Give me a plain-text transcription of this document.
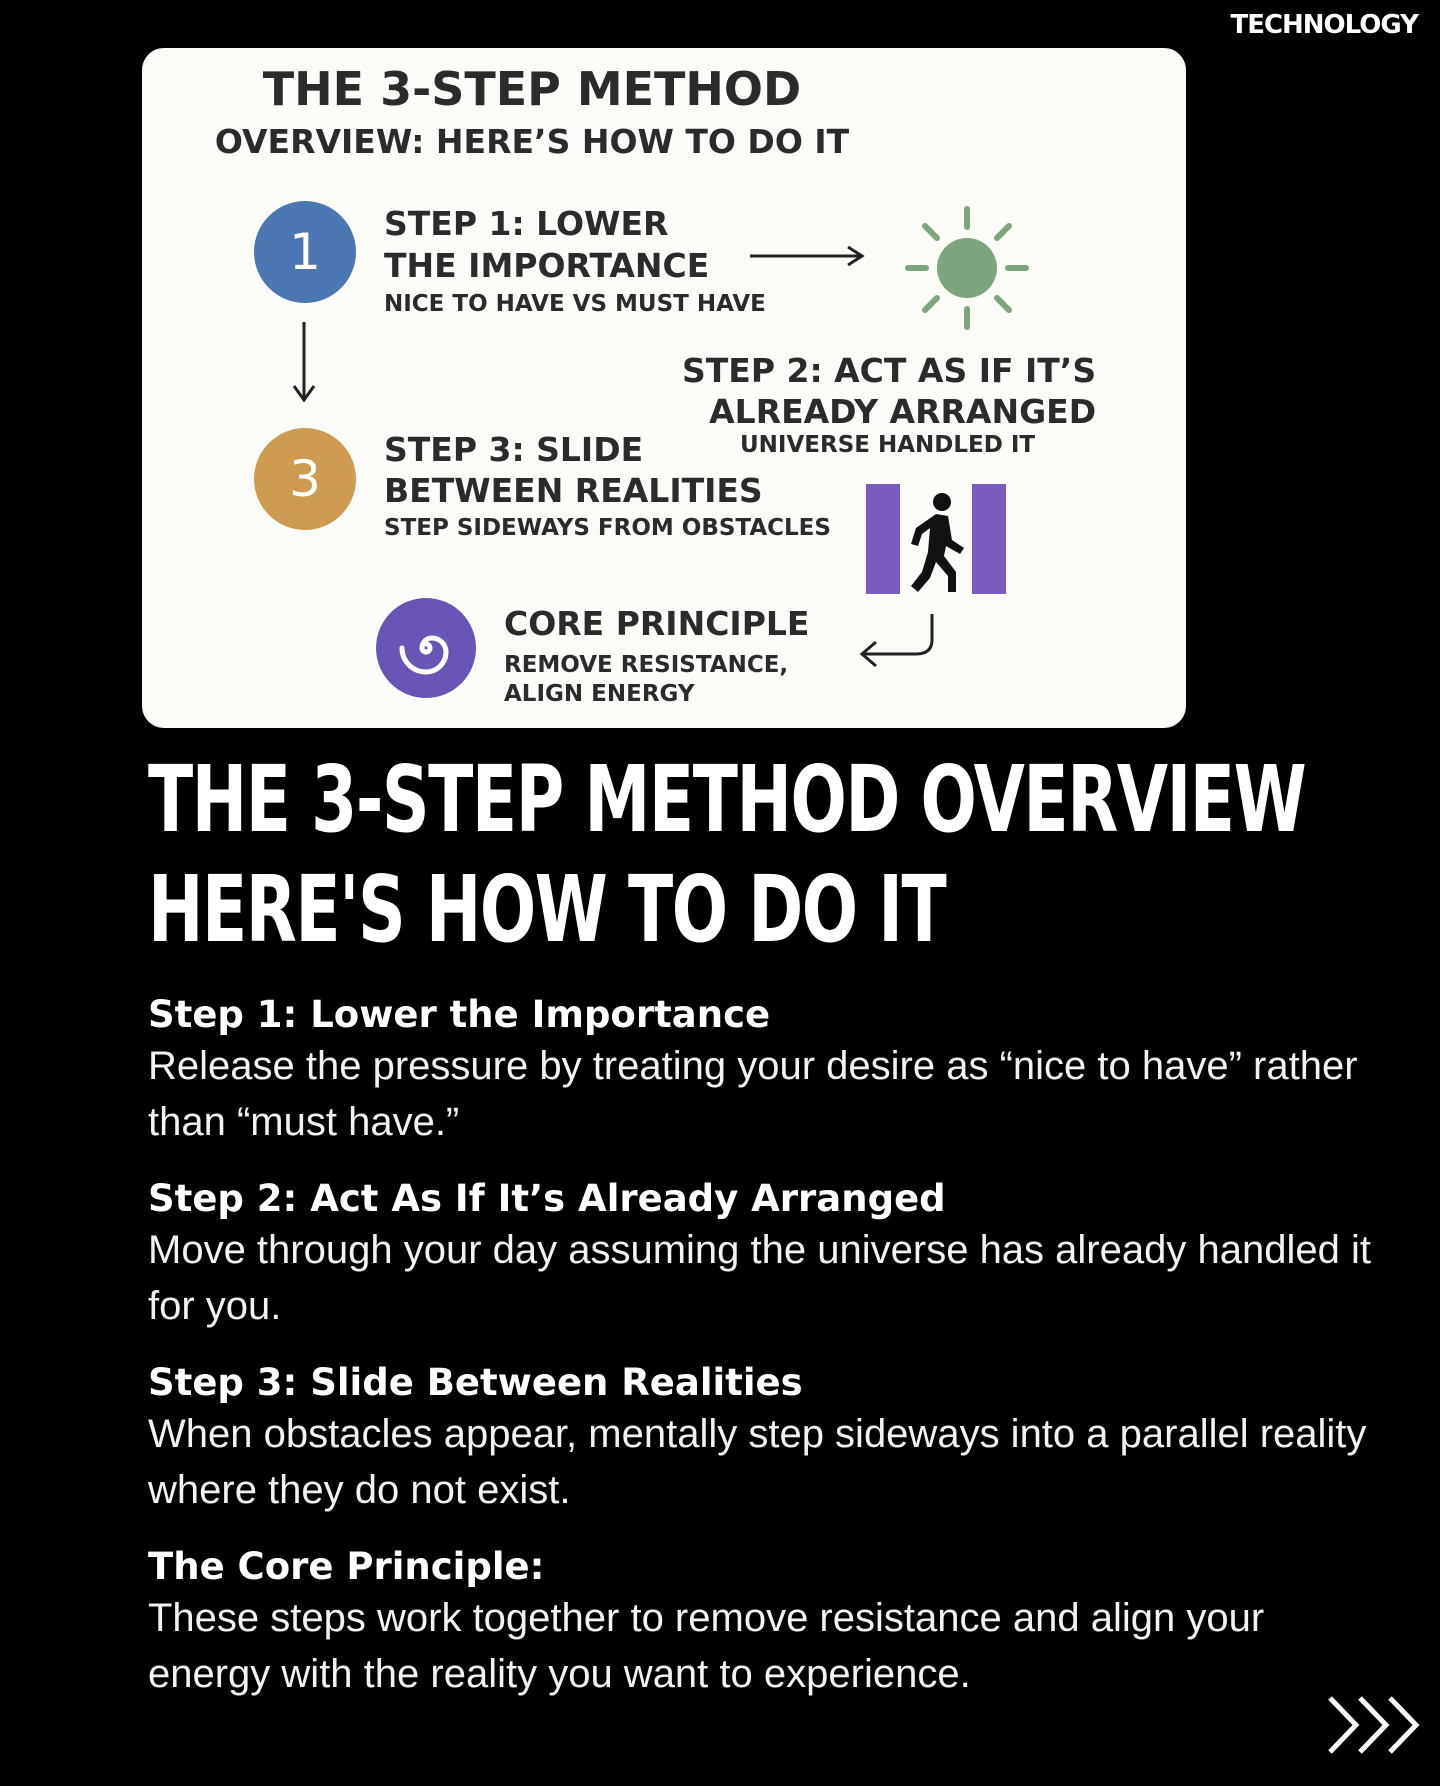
TECHNOLOGY
THE 3-STEP METHOD
OVERVIEW: HERE’S HOW TO DO IT
1	STEP 1: LOWER
THE IMPORTANCE
NICE TO HAVE VS MUST HAVE
STEP 2: ACT AS IF IT’S
ALREADY ARRANGED
UNIVERSE HANDLED IT
3
STEP 3: SLIDE
BETWEEN REALITIES
STEP SIDEWAYS FROM OBSTACLES
CORE PRINCIPLE
REMOVE RESISTANCE,
ALIGN ENERGY
THE 3-STEP METHOD OVERVIEW
HERE'S HOW TO DO IT
Step 1: Lower the Importance
Release the pressure by treating your desire as “nice to have” rather than “must have.”
Step 2: Act As If It’s Already Arranged
Move through your day assuming the universe has already handled it for you.
Step 3: Slide Between Realities
When obstacles appear, mentally step sideways into a parallel reality where they do not exist.
The Core Principle:
These steps work together to remove resistance and align your energy with the reality you want to experience.
